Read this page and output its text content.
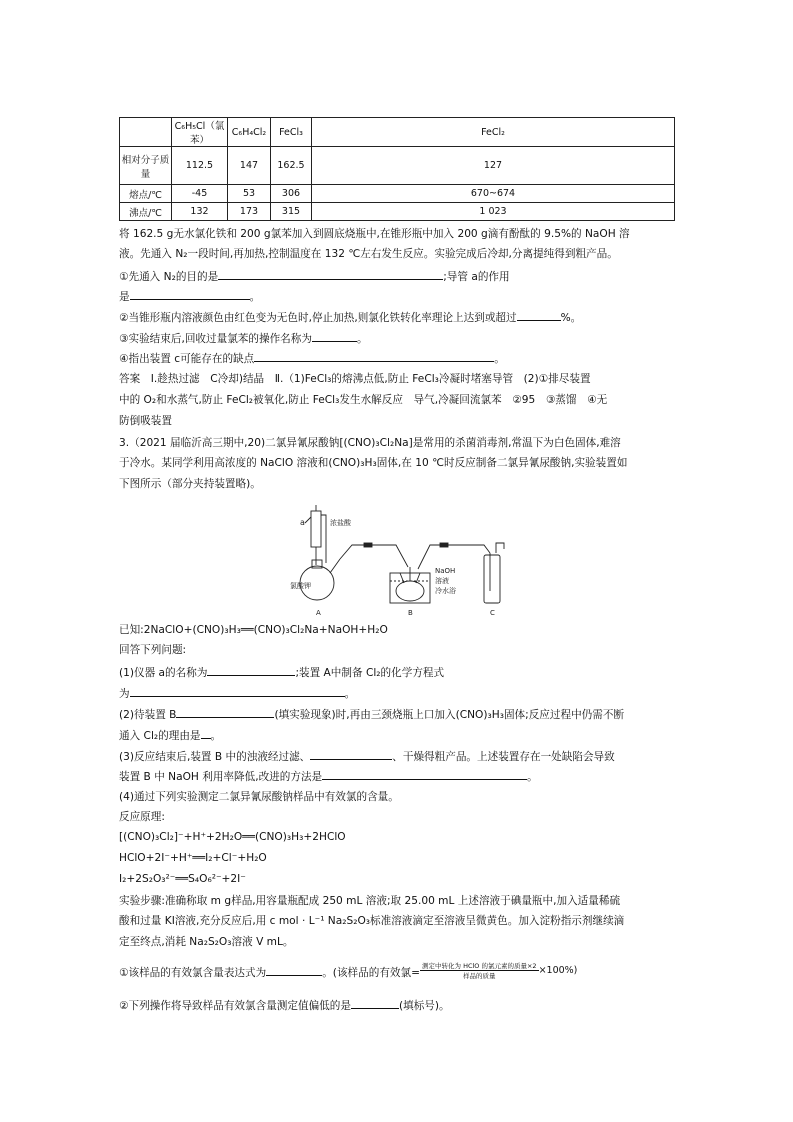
	C₆H₅Cl（氯苯）	C₆H₄Cl₂	FeCl₃	FeCl₂
相对分子质量	112.5	147	162.5	127
熔点/℃	-45	53	306	670~674
沸点/℃	132	173	315	1 023
将 162.5 g无水氯化铁和 200 g氯苯加入到圆底烧瓶中,在锥形瓶中加入 200 g滴有酚酞的 9.5%的 NaOH 溶
液。先通入 N₂一段时间,再加热,控制温度在 132 ℃左右发生反应。实验完成后冷却,分离提纯得到粗产品。
①先通入 N₂的目的是	;导管 a的作用
是	。
②当锥形瓶内溶液颜色由红色变为无色时,停止加热,则氯化铁转化率理论上达到或超过	%。
③实验结束后,回收过量氯苯的操作名称为	。
④指出装置 c可能存在的缺点	。
答案　Ⅰ.趁热过滤　C冷却)结晶　Ⅱ.（1)FeCl₃的熔沸点低,防止 FeCl₃冷凝时堵塞导管　(2)①排尽装置
中的 O₂和水蒸气,防止 FeCl₂被氧化,防止 FeCl₃发生水解反应　导气,冷凝回流氯苯　②95　③蒸馏　④无
防倒吸装置
3.（2021 届临沂高三期中,20)二氯异氰尿酸钠[(CNO)₃Cl₂Na]是常用的杀菌消毒剂,常温下为白色固体,难溶
于冷水。某同学利用高浓度的 NaClO 溶液和(CNO)₃H₃固体,在 10 ℃时反应制备二氯异氰尿酸钠,实验装置如
下图所示（部分夹持装置略)。
a	浓盐酸
氯酸钾
A	B	C
NaOH
溶液
冷水浴
已知:2NaClO+(CNO)₃H₃══(CNO)₃Cl₂Na+NaOH+H₂O
回答下列问题:
(1)仪器 a的名称为	;装置 A中制备 Cl₂的化学方程式
为	。
(2)待装置 B	(填实验现象)时,再由三颈烧瓶上口加入(CNO)₃H₃固体;反应过程中仍需不断
通入 Cl₂的理由是 。
(3)反应结束后,装置 B 中的浊液经过滤、	、干燥得粗产品。上述装置存在一处缺陷会导致
装置 B 中 NaOH 利用率降低,改进的方法是	。
(4)通过下列实验测定二氯异氰尿酸钠样品中有效氯的含量。
反应原理:
[(CNO)₃Cl₂]⁻+H⁺+2H₂O══(CNO)₃H₃+2HClO
HClO+2I⁻+H⁺══I₂+Cl⁻+H₂O
I₂+2S₂O₃²⁻══S₄O₆²⁻+2I⁻
实验步骤:准确称取 m g样品,用容量瓶配成 250 mL 溶液;取 25.00 mL 上述溶液于碘量瓶中,加入适量稀硫
酸和过量 KI溶液,充分反应后,用 c mol · L⁻¹ Na₂S₂O₃标准溶液滴定至溶液呈微黄色。加入淀粉指示剂继续滴
定至终点,消耗 Na₂S₂O₃溶液 V mL。
①该样品的有效氯含量表达式为	。(该样品的有效氯= $\frac{\text{测定中转化为 HClO 的氯元素的质量×2}}{\text{样品的质量}} \times 100\%$)
②下列操作将导致样品有效氯含量测定值偏低的是	(填标号)。
